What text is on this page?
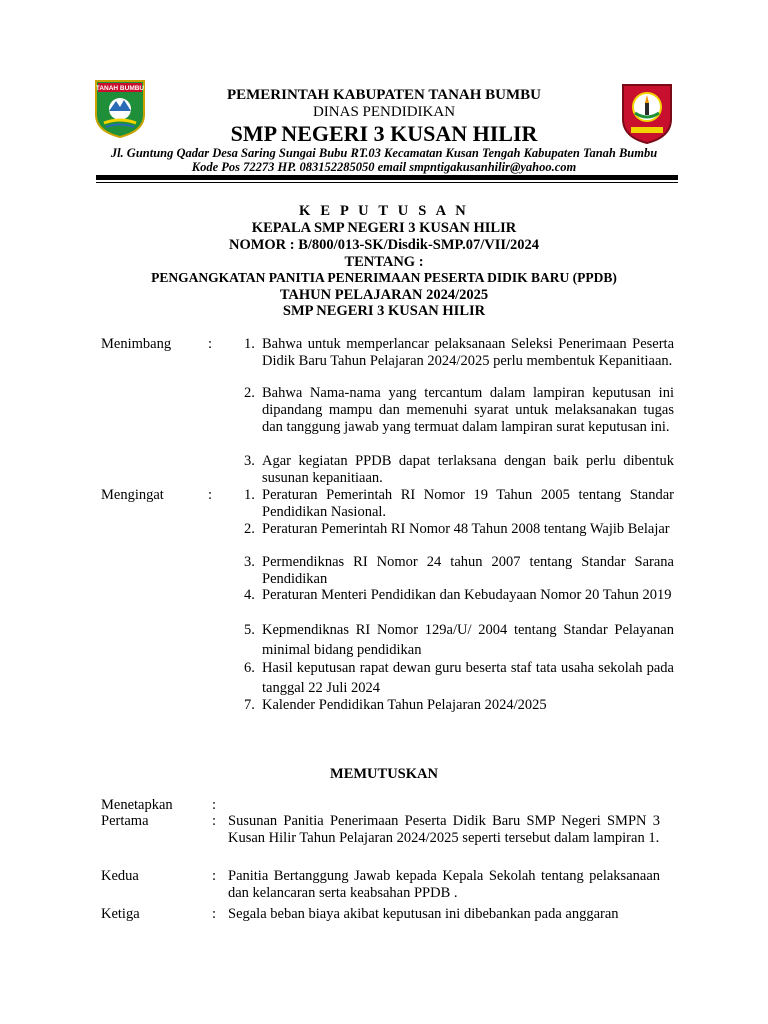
TANAH BUMBU	PEMERINTAH KABUPATEN TANAH BUMBU
DINAS PENDIDIKAN
SMP NEGERI 3 KUSAN HILIR
Jl. Guntung Qadar Desa Saring Sungai Bubu RT.03 Kecamatan Kusan Tengah Kabupaten Tanah Bumbu
Kode Pos 72273 HP. 083152285050 email smpntigakusanhilir@yahoo.com
K E P U T U S A N
KEPALA SMP NEGERI 3 KUSAN HILIR
NOMOR : B/800/013-SK/Disdik-SMP.07/VII/2024
TENTANG :
PENGANGKATAN PANITIA PENERIMAAN PESERTA DIDIK BARU (PPDB)
TAHUN PELAJARAN 2024/2025
SMP NEGERI 3 KUSAN HILIR
Menimbang	: 1. Bahwa untuk memperlancar pelaksanaan Seleksi Penerimaan Peserta Didik Baru Tahun Pelajaran 2024/2025 perlu membentuk Kepanitiaan.
2. Bahwa Nama-nama yang tercantum dalam lampiran keputusan ini dipandang mampu dan memenuhi syarat untuk melaksanakan tugas dan tanggung jawab yang termuat dalam lampiran surat keputusan ini.
3. Agar kegiatan PPDB dapat terlaksana dengan baik perlu dibentuk susunan kepanitiaan.
Mengingat	: 1. Peraturan Pemerintah RI Nomor 19 Tahun 2005 tentang Standar Pendidikan Nasional.
2. Peraturan Pemerintah RI Nomor 48 Tahun 2008 tentang Wajib Belajar
3. Permendiknas RI Nomor 24 tahun 2007 tentang Standar Sarana Pendidikan
4. Peraturan Menteri Pendidikan dan Kebudayaan Nomor 20 Tahun 2019
5. Kepmendiknas RI Nomor 129a/U/ 2004 tentang Standar Pelayanan minimal bidang pendidikan
6. Hasil keputusan rapat dewan guru beserta staf tata usaha sekolah pada tanggal 22 Juli 2024
7. Kalender Pendidikan Tahun Pelajaran 2024/2025
MEMUTUSKAN
Menetapkan	:
Pertama	: Susunan Panitia Penerimaan Peserta Didik Baru SMP Negeri SMPN 3 Kusan Hilir Tahun Pelajaran 2024/2025 seperti tersebut dalam lampiran 1.
Kedua	: Panitia Bertanggung Jawab kepada Kepala Sekolah tentang pelaksanaan dan kelancaran serta keabsahan PPDB .
Ketiga	: Segala beban biaya akibat keputusan ini dibebankan pada anggaran
